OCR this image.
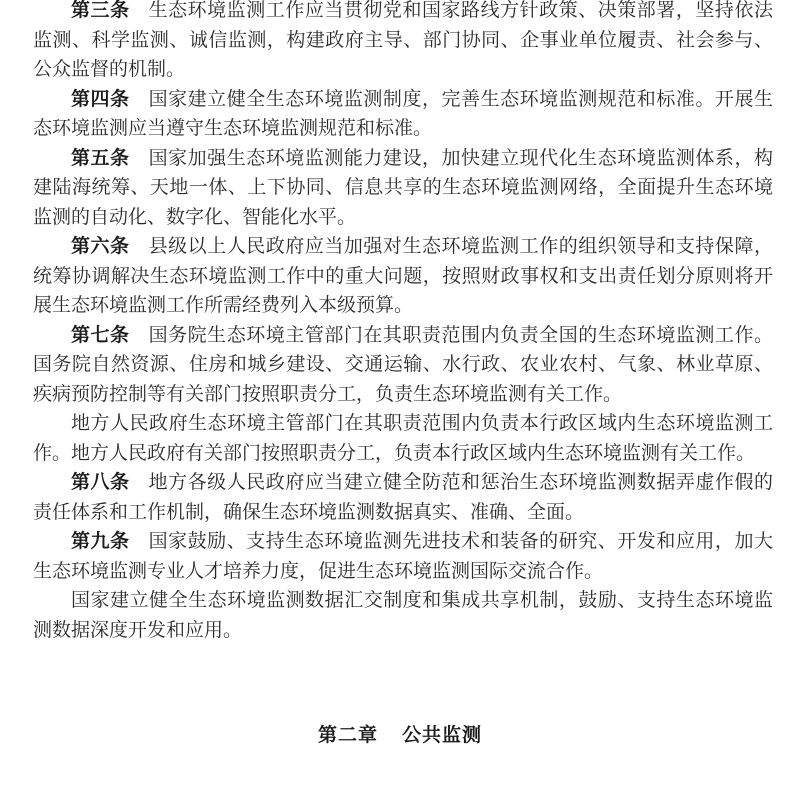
第三条 生态环境监测工作应当贯彻党和国家路线方针政策、决策部署，坚持依法监测、科学监测、诚信监测，构建政府主导、部门协同、企事业单位履责、社会参与、公众监督的机制。

第四条 国家建立健全生态环境监测制度，完善生态环境监测规范和标准。开展生态环境监测应当遵守生态环境监测规范和标准。

第五条 国家加强生态环境监测能力建设，加快建立现代化生态环境监测体系，构建陆海统筹、天地一体、上下协同、信息共享的生态环境监测网络，全面提升生态环境监测的自动化、数字化、智能化水平。

第六条 县级以上人民政府应当加强对生态环境监测工作的组织领导和支持保障，统筹协调解决生态环境监测工作中的重大问题，按照财政事权和支出责任划分原则将开展生态环境监测工作所需经费列入本级预算。

第七条 国务院生态环境主管部门在其职责范围内负责全国的生态环境监测工作。国务院自然资源、住房和城乡建设、交通运输、水行政、农业农村、气象、林业草原、疾病预防控制等有关部门按照职责分工，负责生态环境监测有关工作。

地方人民政府生态环境主管部门在其职责范围内负责本行政区域内生态环境监测工作。地方人民政府有关部门按照职责分工，负责本行政区域内生态环境监测有关工作。

第八条 地方各级人民政府应当建立健全防范和惩治生态环境监测数据弄虚作假的责任体系和工作机制，确保生态环境监测数据真实、准确、全面。

第九条 国家鼓励、支持生态环境监测先进技术和装备的研究、开发和应用，加大生态环境监测专业人才培养力度，促进生态环境监测国际交流合作。

国家建立健全生态环境监测数据汇交制度和集成共享机制，鼓励、支持生态环境监测数据深度开发和应用。

第二章 公共监测
